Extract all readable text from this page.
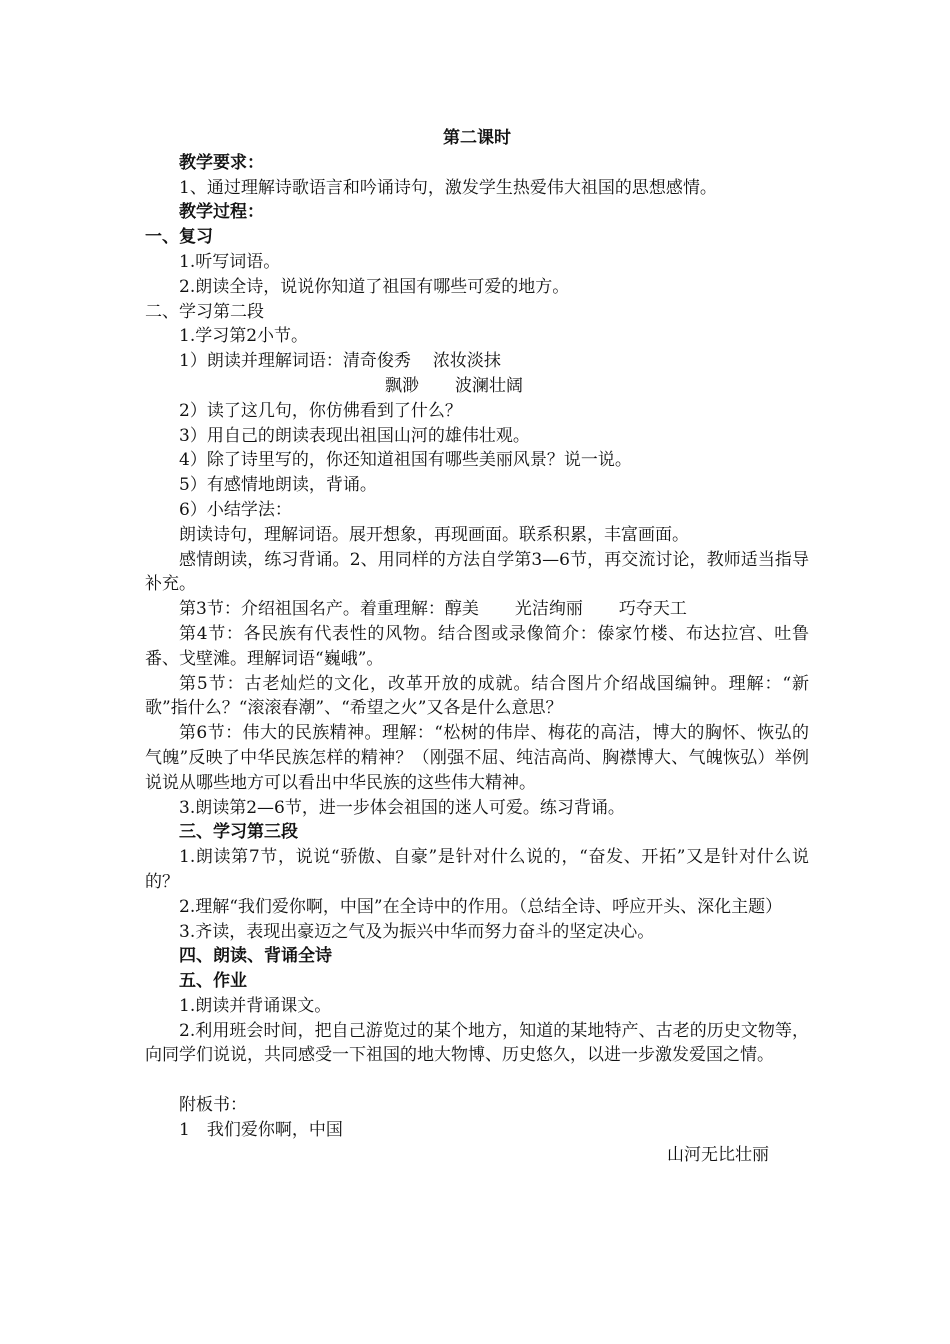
第二课时

教学要求：

1、通过理解诗歌语言和吟诵诗句，激发学生热爱伟大祖国的思想感情。

教学过程：

一、复习

1.听写词语。

2.朗读全诗，说说你知道了祖国有哪些可爱的地方。

二、学习第二段

1.学习第2小节。

1）朗读并理解词语：清奇俊秀 浓妆淡抹

飘渺 波澜壮阔

2）读了这几句，你仿佛看到了什么？

3）用自己的朗读表现出祖国山河的雄伟壮观。

4）除了诗里写的，你还知道祖国有哪些美丽风景？说一说。

5）有感情地朗读，背诵。

6）小结学法：

朗读诗句，理解词语。展开想象，再现画面。联系积累，丰富画面。

感情朗读，练习背诵。2、用同样的方法自学第3—6节，再交流讨论，教师适当指导补充。

第3节：介绍祖国名产。着重理解：醇美 光洁绚丽 巧夺天工

第4节：各民族有代表性的风物。结合图或录像简介：傣家竹楼、布达拉宫、吐鲁番、戈壁滩。理解词语“巍峨”。

第5节：古老灿烂的文化，改革开放的成就。结合图片介绍战国编钟。理解：“新歌”指什么？“滚滚春潮”、“希望之火”又各是什么意思？

第6节：伟大的民族精神。理解：“松树的伟岸、梅花的高洁，博大的胸怀、恢弘的气魄”反映了中华民族怎样的精神？（刚强不屈、纯洁高尚、胸襟博大、气魄恢弘）举例说说从哪些地方可以看出中华民族的这些伟大精神。

3.朗读第2—6节，进一步体会祖国的迷人可爱。练习背诵。

三、学习第三段

1.朗读第7节，说说“骄傲、自豪”是针对什么说的，“奋发、开拓”又是针对什么说的？

2.理解“我们爱你啊，中国”在全诗中的作用。（总结全诗、呼应开头、深化主题）

3.齐读，表现出豪迈之气及为振兴中华而努力奋斗的坚定决心。

四、朗读、背诵全诗

五、作业

1.朗读并背诵课文。

2.利用班会时间，把自己游览过的某个地方，知道的某地特产、古老的历史文物等，向同学们说说，共同感受一下祖国的地大物博、历史悠久，以进一步激发爱国之情。

附板书：

1　我们爱你啊，中国

山河无比壮丽
